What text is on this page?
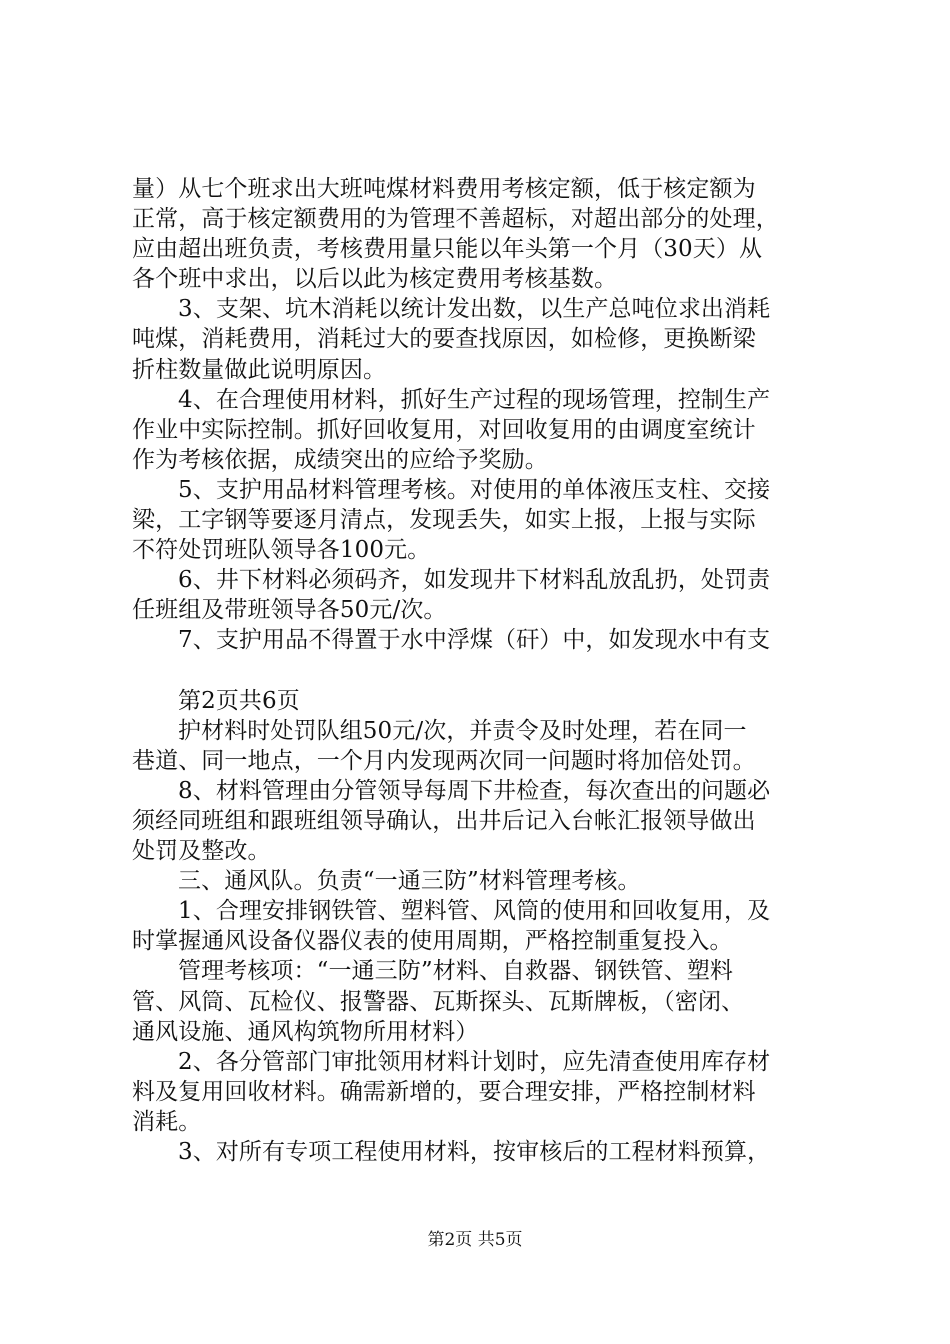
量）从七个班求出大班吨煤材料费用考核定额，低于核定额为
正常，高于核定额费用的为管理不善超标，对超出部分的处理，
应由超出班负责，考核费用量只能以年头第一个月（30天）从
各个班中求出，以后以此为核定费用考核基数。
3、支架、坑木消耗以统计发出数，以生产总吨位求出消耗
吨煤，消耗费用，消耗过大的要查找原因，如检修，更换断梁
折柱数量做此说明原因。
4、在合理使用材料，抓好生产过程的现场管理，控制生产
作业中实际控制。抓好回收复用，对回收复用的由调度室统计
作为考核依据，成绩突出的应给予奖励。
5、支护用品材料管理考核。对使用的单体液压支柱、交接
梁，工字钢等要逐月清点，发现丢失，如实上报，上报与实际
不符处罚班队领导各100元。
6、井下材料必须码齐，如发现井下材料乱放乱扔，处罚责
任班组及带班领导各50元/次。
7、支护用品不得置于水中浮煤（矸）中，如发现水中有支
第2页共6页
护材料时处罚队组50元/次，并责令及时处理，若在同一
巷道、同一地点，一个月内发现两次同一问题时将加倍处罚。
8、材料管理由分管领导每周下井检查，每次查出的问题必
须经同班组和跟班组领导确认，出井后记入台帐汇报领导做出
处罚及整改。
三、通风队。负责“一通三防”材料管理考核。
1、合理安排钢铁管、塑料管、风筒的使用和回收复用，及
时掌握通风设备仪器仪表的使用周期，严格控制重复投入。
管理考核项：“一通三防”材料、自救器、钢铁管、塑料
管、风筒、瓦检仪、报警器、瓦斯探头、瓦斯牌板，（密闭、
通风设施、通风构筑物所用材料）
2、各分管部门审批领用材料计划时，应先清查使用库存材
料及复用回收材料。确需新增的，要合理安排，严格控制材料
消耗。
3、对所有专项工程使用材料，按审核后的工程材料预算，
第2页 共5页
